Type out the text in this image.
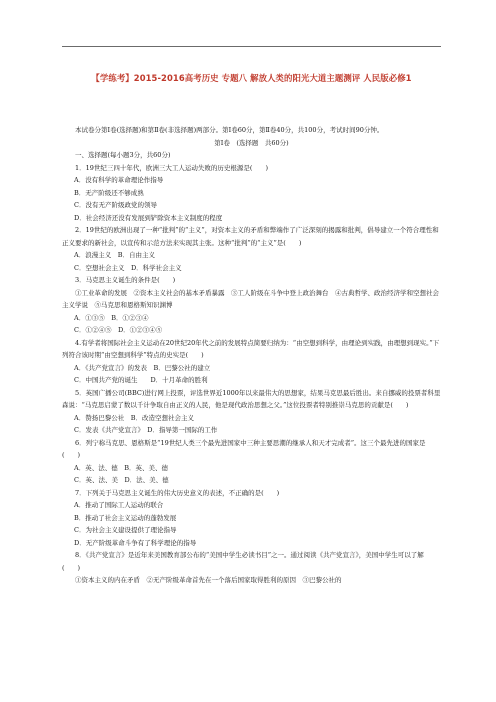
【学练考】2015-2016高考历史 专题八 解放人类的阳光大道主题测评 人民版必修1

本试卷分第Ⅰ卷(选择题)和第Ⅱ卷(非选择题)两部分。第Ⅰ卷60分，第Ⅱ卷40分，共100分，考试时间90分钟。

第Ⅰ卷　(选择题　共60分)

一、选择题(每小题3分，共60分)

1．19世纪三四十年代，欧洲三大工人运动失败的历史根源是(　　)

A．没有科学的革命理论作指导

B．无产阶级还不够成熟

C．没有无产阶级政党的领导

D．社会经济还没有发展到铲除资本主义制度的程度

2．19世纪的欧洲出现了一种“批判”的“主义”，对资本主义的矛盾和弊端作了广泛深刻的揭露和批判，倡导建立一个符合理性和正义要求的新社会，以宣传和示范方法来实现其主张。这种“批判”的“主义”是(　　)

A．浪漫主义　B．自由主义

C．空想社会主义　D．科学社会主义

3．马克思主义诞生的条件是(　　)

①工业革命的发展　②资本主义社会的基本矛盾暴露　③工人阶级在斗争中登上政治舞台　④古典哲学、政治经济学和空想社会主义学说　⑤马克思和恩格斯知识渊博

A．①③⑤　B．①②③④

C．①②④⑤　D．①②③④⑤

4.有学者将国际社会主义运动在20世纪20年代之前的发展特点简要归纳为：“由空想到科学，由理论到实践，由理想到现实。”下列符合该时期“由空想到科学”特点的史实是(　　)

A．《共产党宣言》的发表　B．巴黎公社的建立

C．中国共产党的诞生　　D．十月革命的胜利

5．英国广播公司(BBC)进行网上投票，评选世界近1000年以来最伟大的思想家，结果马克思最后胜出。来自挪威的投票者科里森说：“马克思启蒙了数以千计争取自由正义的人民，他是现代政治思想之父。”这位投票者特别推崇马克思的贡献是(　　)

A．赞扬巴黎公社　B．改造空想社会主义

C．发表《共产党宣言》　D．指导第一国际的工作

6．列宁称马克思、恩格斯是“19世纪人类三个最先进国家中三种主要思潮的继承人和天才完成者”。这三个最先进的国家是(　　)

A．英、法、德　B．英、美、德

C．英、法、美　D．法、美、德

7．下列关于马克思主义诞生的伟大历史意义的表述，不正确的是(　　)

A．推动了国际工人运动的联合

B．推动了社会主义运动的蓬勃发展

C．为社会主义建设提供了理论指导

D．无产阶级革命斗争有了科学理论的指导

8．《共产党宣言》是近年来美国教育部公布的“美国中学生必读书目”之一。通过阅读《共产党宣言》，美国中学生可以了解(　　)

①资本主义的内在矛盾　②无产阶级革命首先在一个落后国家取得胜利的原因　③巴黎公社的
